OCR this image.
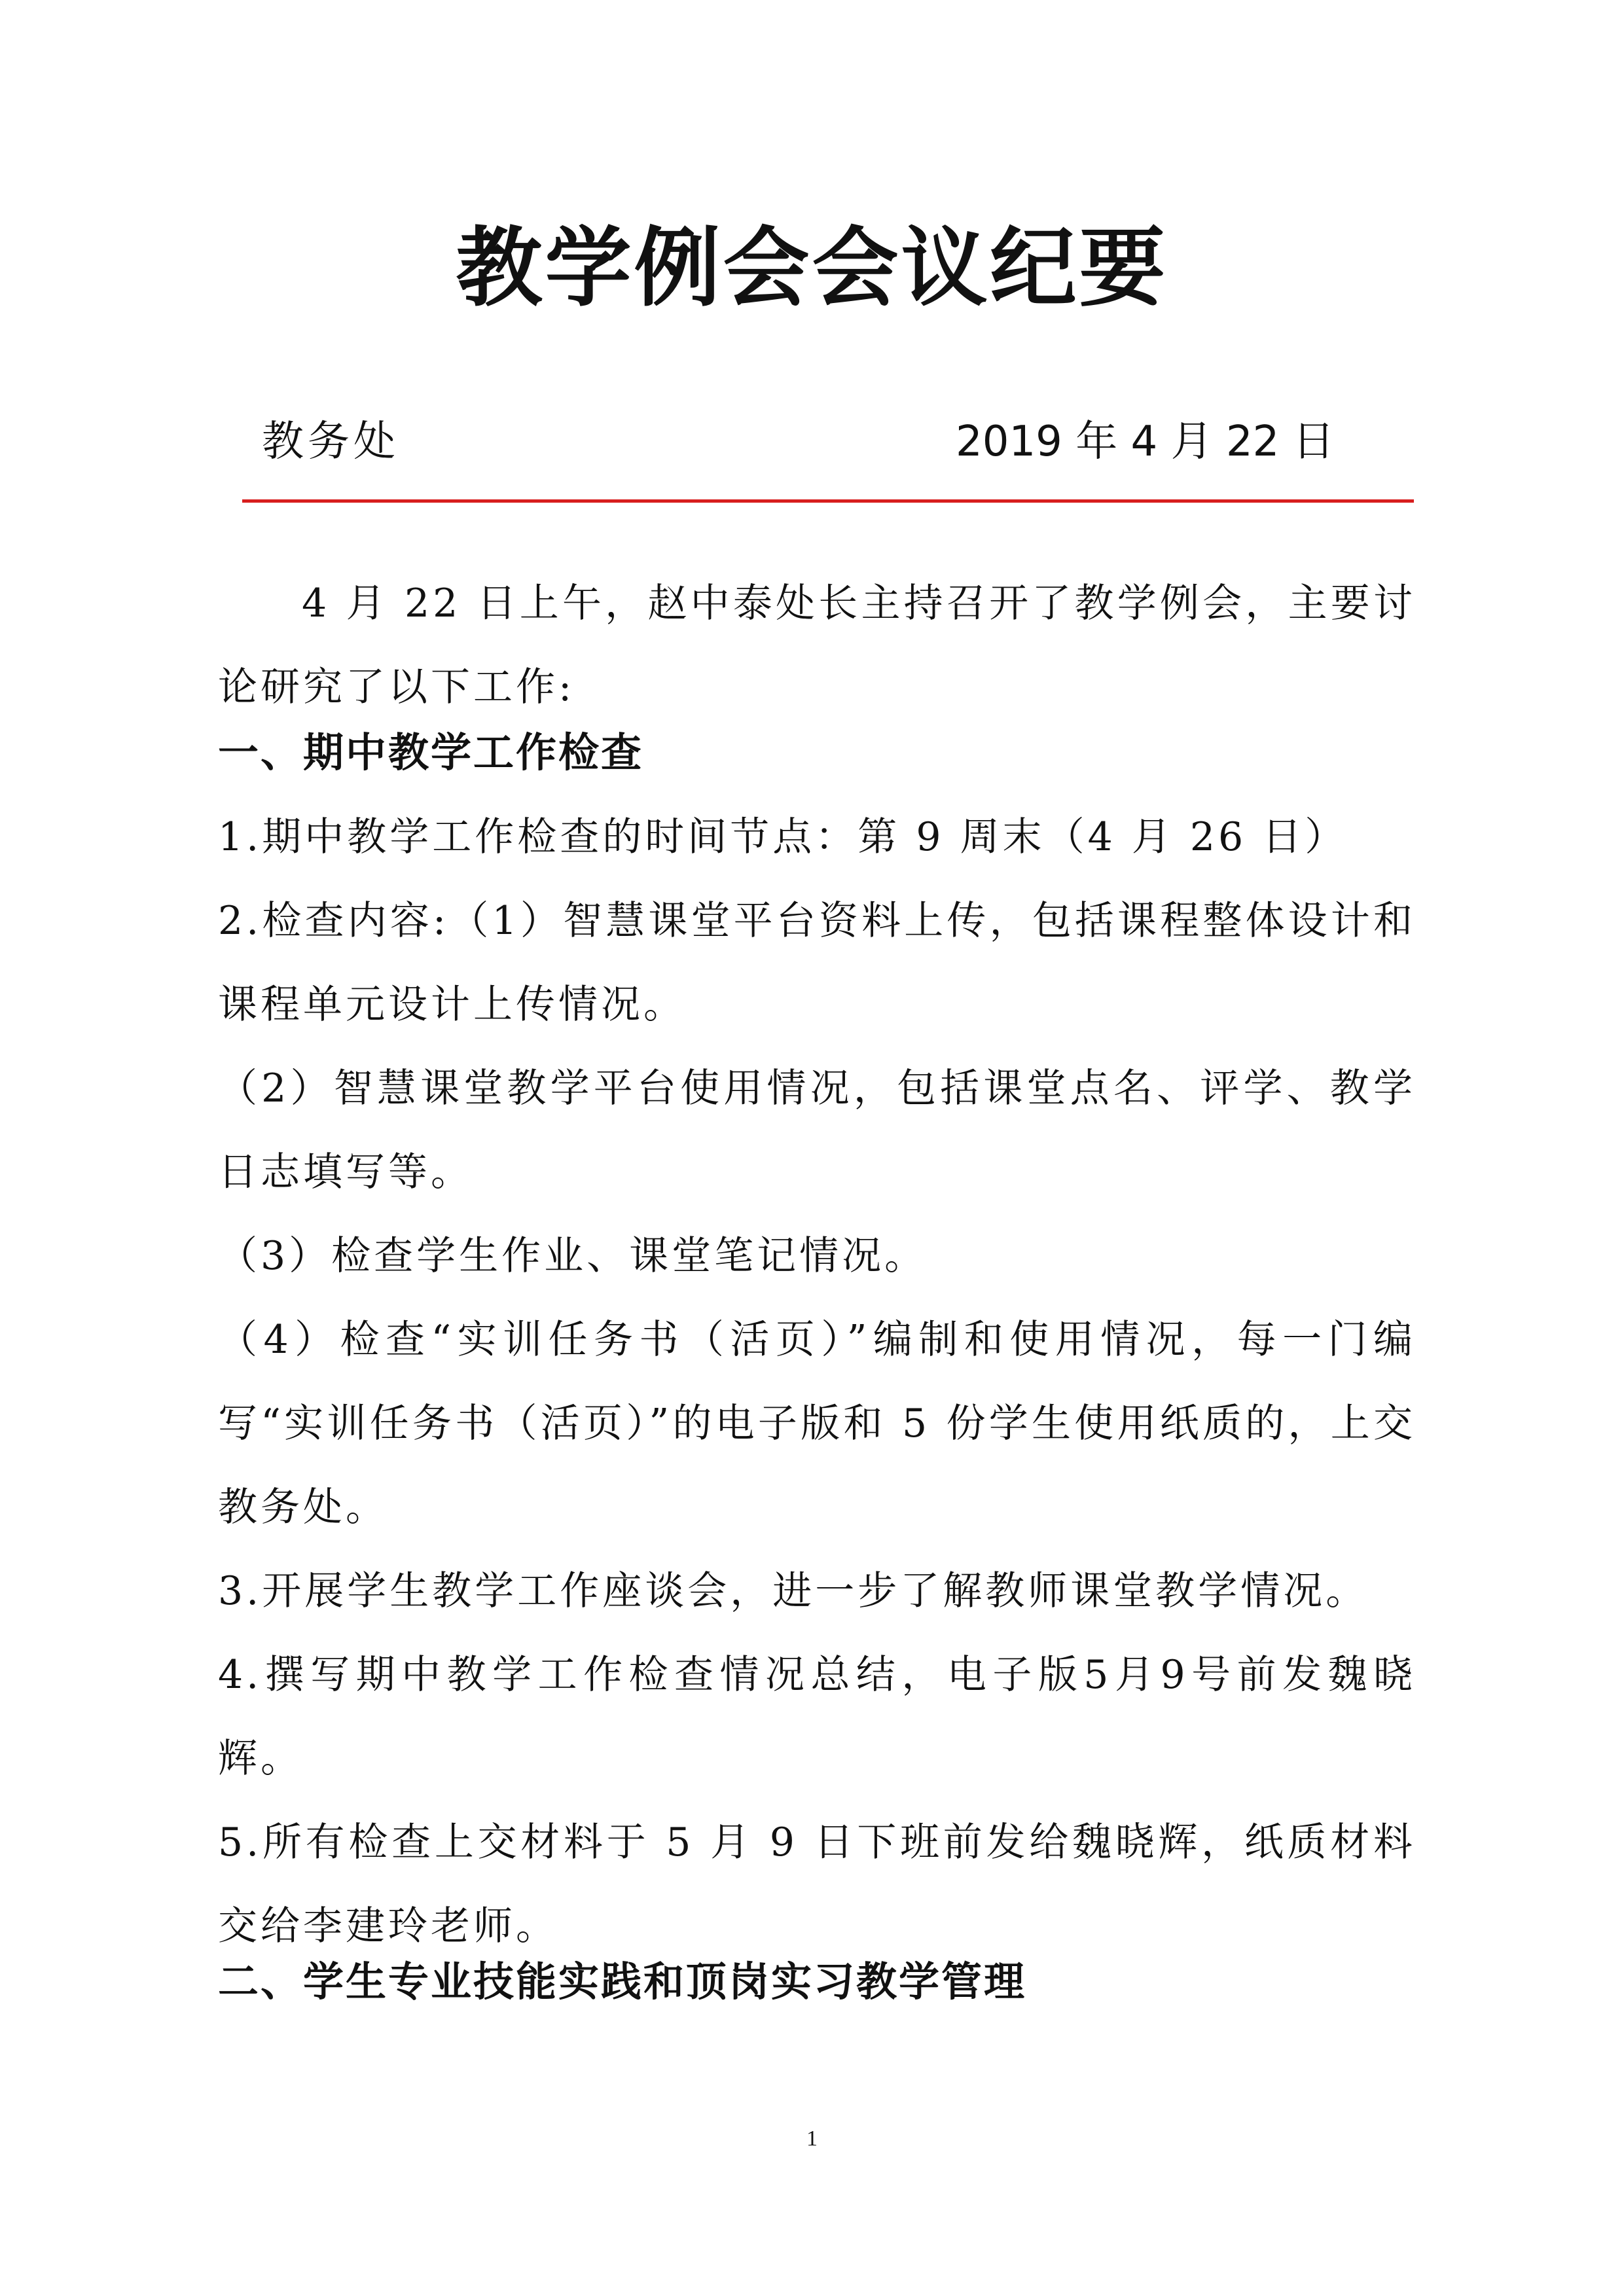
教学例会会议纪要
教务处	2019 年 4 月 22 日
4 月 22 日上午，赵中泰处长主持召开了教学例会，主要讨论研究了以下工作:
一、期中教学工作检查

1.期中教学工作检查的时间节点：第 9 周末（4 月 26 日）

2.检查内容:（1）智慧课堂平台资料上传，包括课程整体设计和课程单元设计上传情况。

（2）智慧课堂教学平台使用情况，包括课堂点名、评学、教学日志填写等。

（3）检查学生作业、课堂笔记情况。

（4）检查“实训任务书（活页）”编制和使用情况，每一门编写“实训任务书（活页）”的电子版和 5 份学生使用纸质的，上交教务处。

3.开展学生教学工作座谈会，进一步了解教师课堂教学情况。

4.撰写期中教学工作检查情况总结，电子版5月9号前发魏晓辉。

5.所有检查上交材料于 5 月 9 日下班前发给魏晓辉，纸质材料交给李建玲老师。

二、学生专业技能实践和顶岗实习教学管理
1
